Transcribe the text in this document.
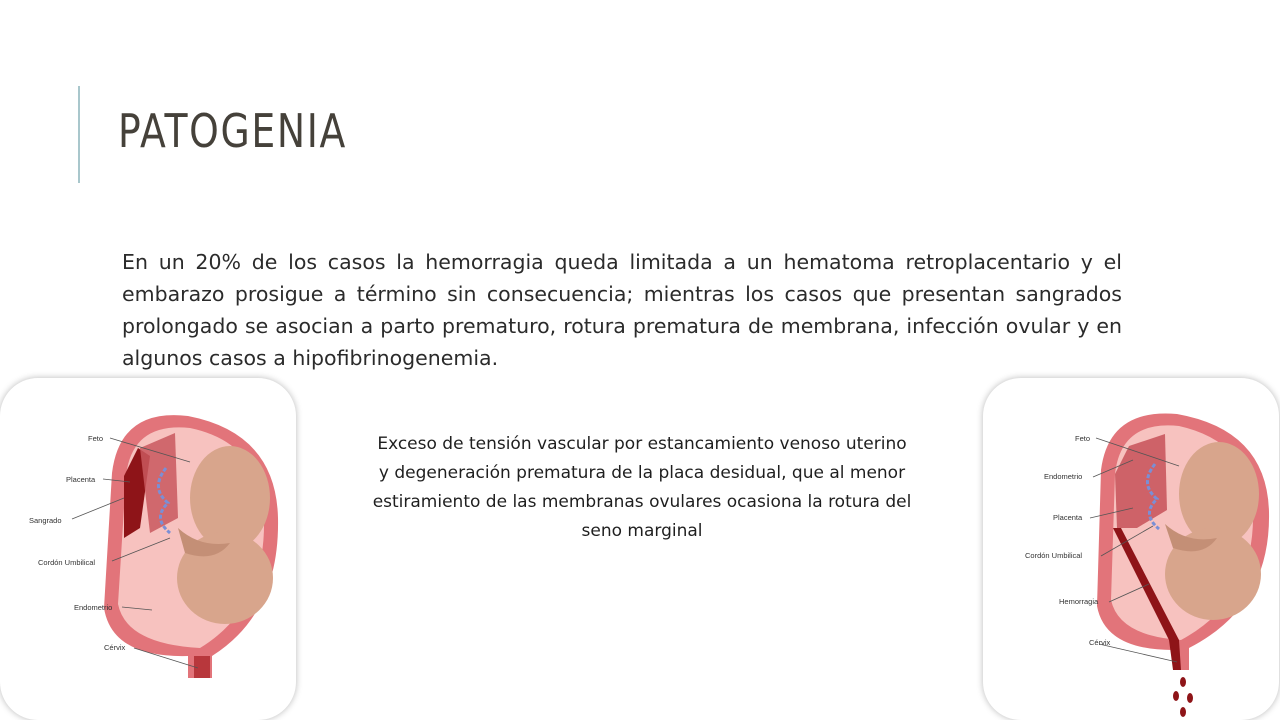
PATOGENIA

En un 20% de los casos la hemorragia queda limitada a un hematoma retroplacentario y el embarazo prosigue a término sin consecuencia; mientras los casos que presentan sangrados prolongado se asocian a parto prematuro, rotura prematura de membrana, infección ovular y en algunos casos a hipofibrinogenemia.

Feto
Placenta
Sangrado
Cordón Umbilical
Endometrio
Cérvix

Exceso de tensión vascular por estancamiento venoso uterino y degeneración prematura de la placa desidual, que al menor estiramiento de las membranas ovulares ocasiona la rotura del seno marginal

Feto
Endometrio
Placenta
Cordón Umbilical
Hemorragia
Cérvix
